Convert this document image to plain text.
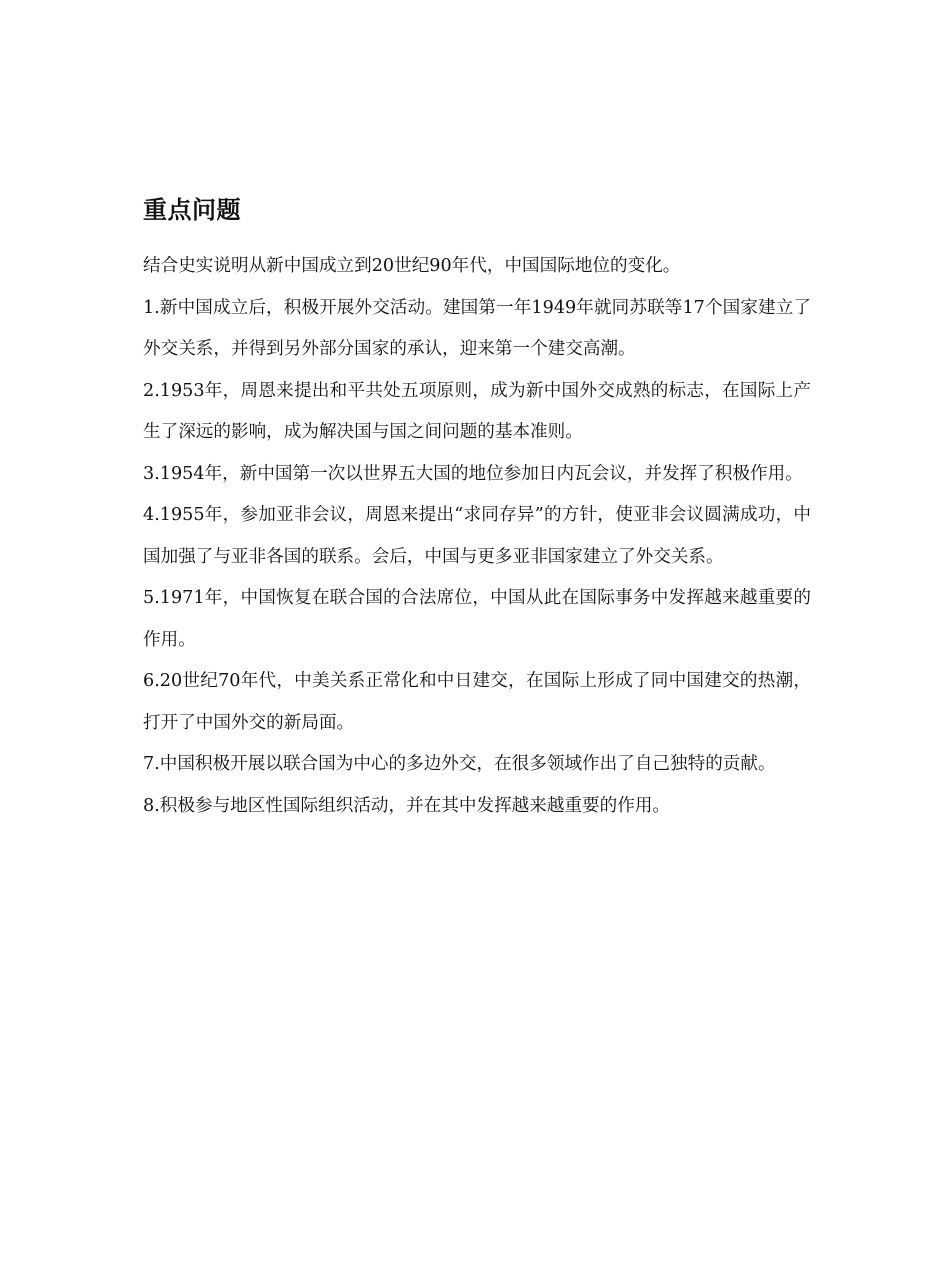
重点问题

结合史实说明从新中国成立到20世纪90年代，中国国际地位的变化。

1.新中国成立后，积极开展外交活动。建国第一年1949年就同苏联等17个国家建立了外交关系，并得到另外部分国家的承认，迎来第一个建交高潮。

2.1953年，周恩来提出和平共处五项原则，成为新中国外交成熟的标志，在国际上产生了深远的影响，成为解决国与国之间问题的基本准则。

3.1954年，新中国第一次以世界五大国的地位参加日内瓦会议，并发挥了积极作用。

4.1955年，参加亚非会议，周恩来提出“求同存异”的方针，使亚非会议圆满成功，中国加强了与亚非各国的联系。会后，中国与更多亚非国家建立了外交关系。

5.1971年，中国恢复在联合国的合法席位，中国从此在国际事务中发挥越来越重要的作用。

6.20世纪70年代，中美关系正常化和中日建交，在国际上形成了同中国建交的热潮，打开了中国外交的新局面。

7.中国积极开展以联合国为中心的多边外交，在很多领域作出了自己独特的贡献。

8.积极参与地区性国际组织活动，并在其中发挥越来越重要的作用。
